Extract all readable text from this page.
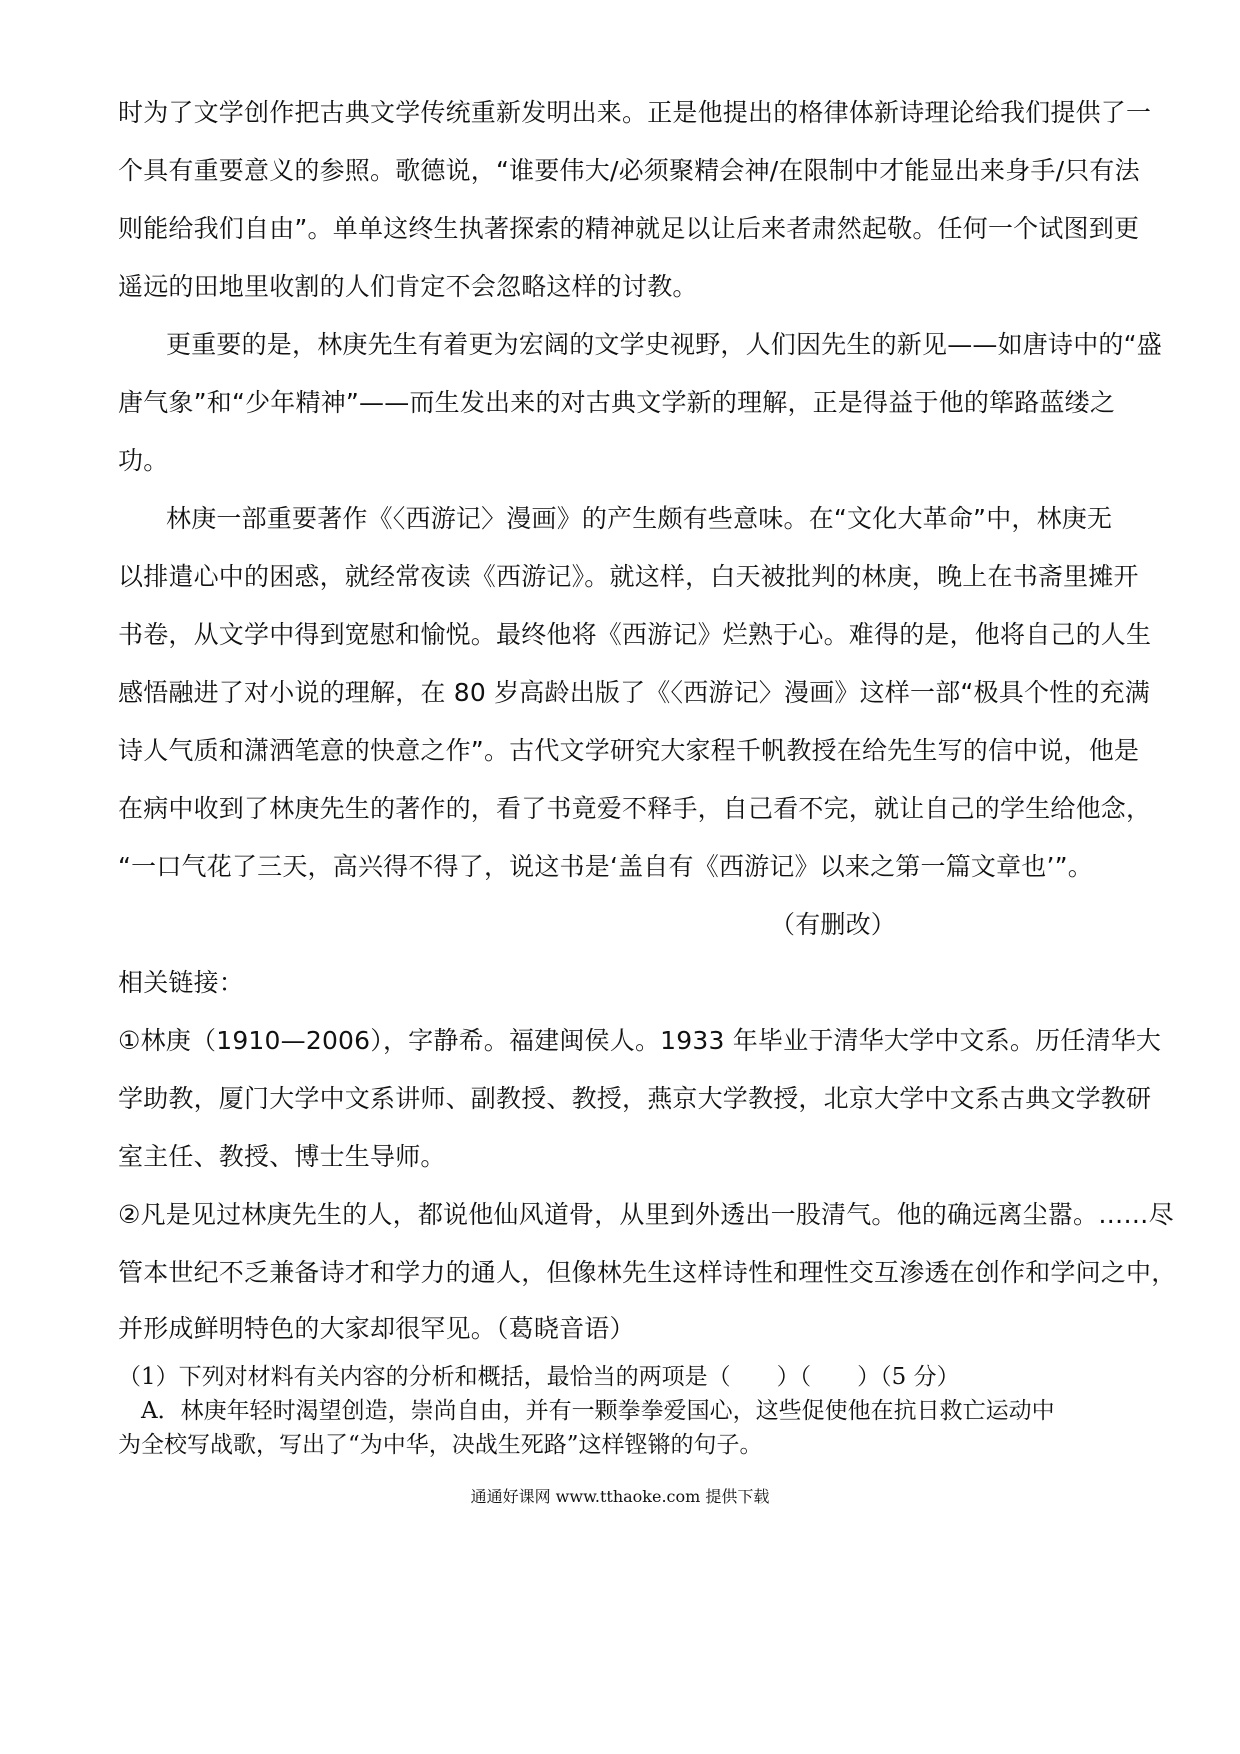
时为了文学创作把古典文学传统重新发明出来。正是他提出的格律体新诗理论给我们提供了一
个具有重要意义的参照。歌德说，“谁要伟大/必须聚精会神/在限制中才能显出来身手/只有法
则能给我们自由”。单单这终生执著探索的精神就足以让后来者肃然起敬。任何一个试图到更
遥远的田地里收割的人们肯定不会忽略这样的讨教。
更重要的是，林庚先生有着更为宏阔的文学史视野，人们因先生的新见——如唐诗中的“盛
唐气象”和“少年精神”——而生发出来的对古典文学新的理解，正是得益于他的筚路蓝缕之
功。
林庚一部重要著作《〈西游记〉漫画》的产生颇有些意味。在“文化大革命”中，林庚无
以排遣心中的困惑，就经常夜读《西游记》。就这样，白天被批判的林庚，晚上在书斋里摊开
书卷，从文学中得到宽慰和愉悦。最终他将《西游记》烂熟于心。难得的是，他将自己的人生
感悟融进了对小说的理解，在 80 岁高龄出版了《〈西游记〉漫画》这样一部“极具个性的充满
诗人气质和潇洒笔意的快意之作”。古代文学研究大家程千帆教授在给先生写的信中说，他是
在病中收到了林庚先生的著作的，看了书竟爱不释手，自己看不完，就让自己的学生给他念，
“一口气花了三天，高兴得不得了，说这书是‘盖自有《西游记》以来之第一篇文章也’”。
（有删改）
相关链接：
①林庚（1910—2006），字静希。福建闽侯人。1933 年毕业于清华大学中文系。历任清华大
学助教，厦门大学中文系讲师、副教授、教授，燕京大学教授，北京大学中文系古典文学教研
室主任、教授、博士生导师。
②凡是见过林庚先生的人，都说他仙风道骨，从里到外透出一股清气。他的确远离尘嚣。……尽
管本世纪不乏兼备诗才和学力的通人，但像林先生这样诗性和理性交互渗透在创作和学问之中，
并形成鲜明特色的大家却很罕见。（葛晓音语）
（1）下列对材料有关内容的分析和概括，最恰当的两项是（　　）（　　）（5 分）
　A．林庚年轻时渴望创造，崇尚自由，并有一颗拳拳爱国心，这些促使他在抗日救亡运动中
为全校写战歌，写出了“为中华，决战生死路”这样铿锵的句子。
通通好课网 www.tthaoke.com 提供下载
